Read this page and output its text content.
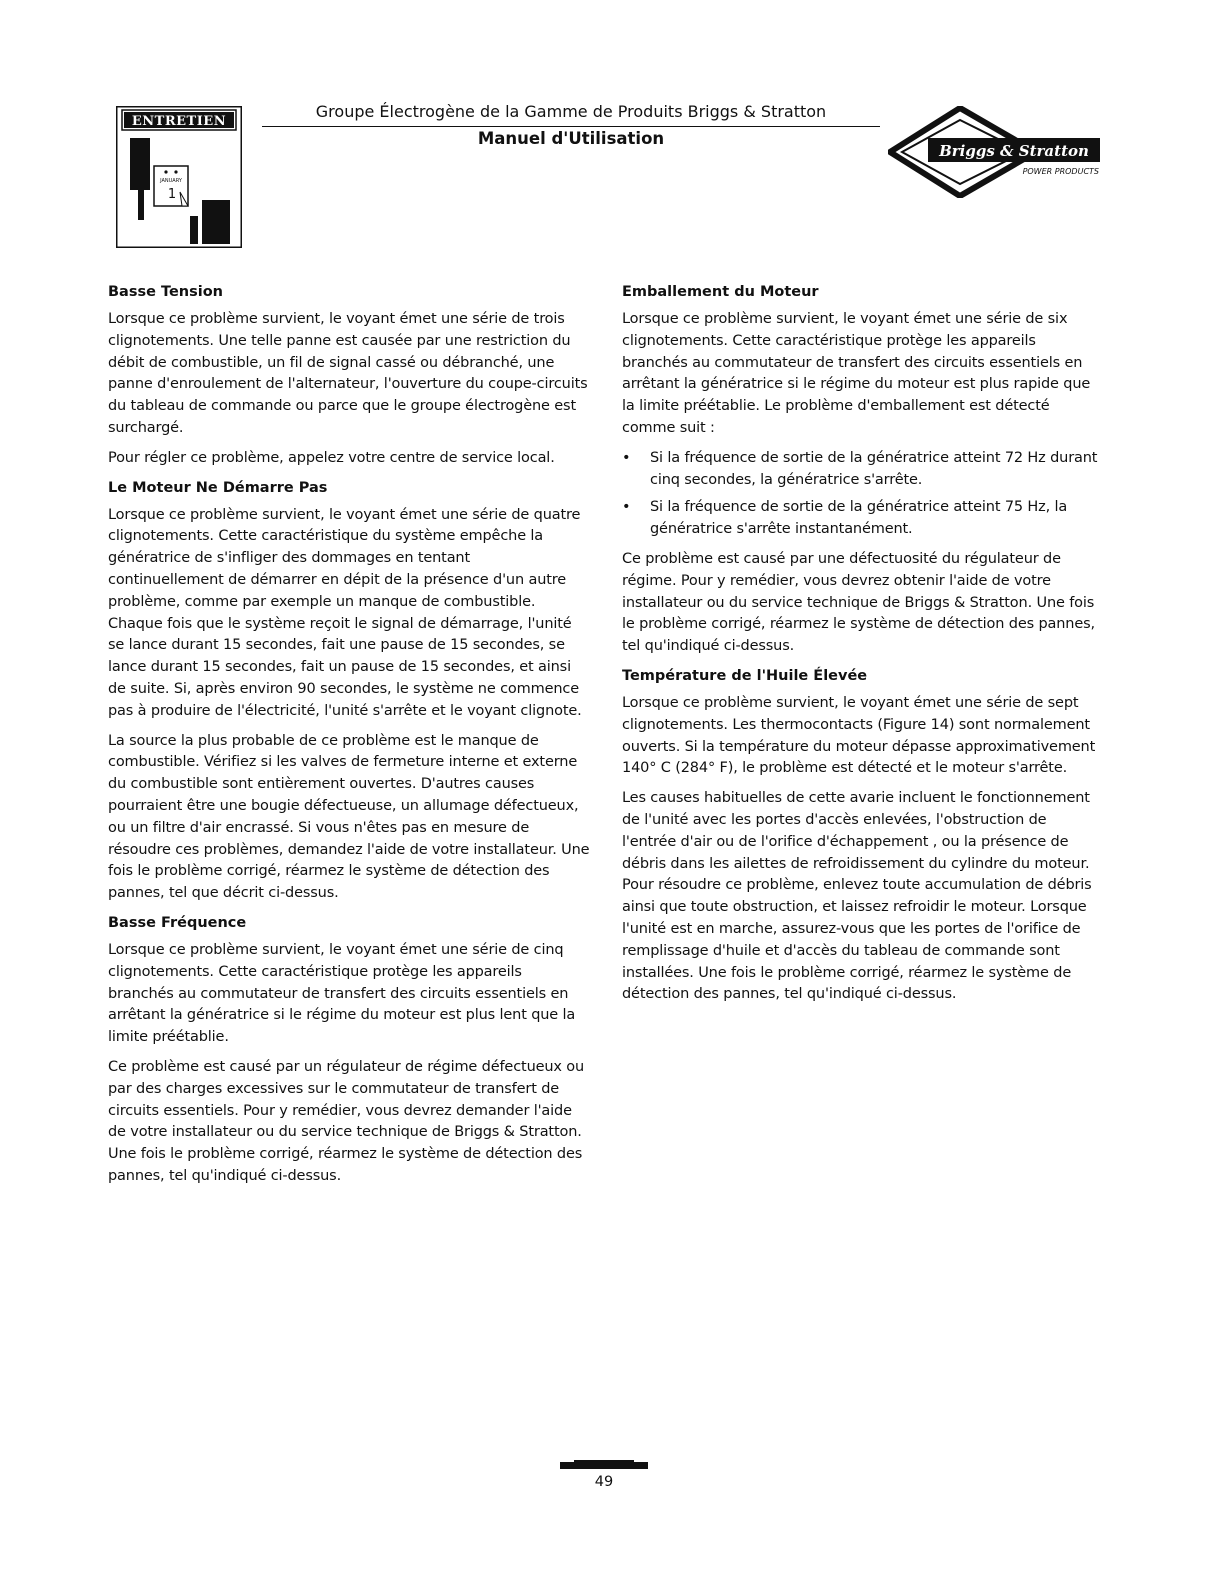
ENTRETIEN
JANUARY
1
Groupe Électrogène de la Gamme de Produits Briggs & Stratton
Manuel d'Utilisation
Briggs & Stratton
POWER PRODUCTS
Basse Tension

Lorsque ce problème survient, le voyant émet une série de trois clignotements. Une telle panne est causée par une restriction du débit de combustible, un fil de signal cassé ou débranché, une panne d'enroulement de l'alternateur, l'ouverture du coupe-circuits du tableau de commande ou parce que le groupe électrogène est surchargé.

Pour régler ce problème, appelez votre centre de service local.

Le Moteur Ne Démarre Pas

Lorsque ce problème survient, le voyant émet une série de quatre clignotements. Cette caractéristique du système empêche la génératrice de s'infliger des dommages en tentant continuellement de démarrer en dépit de la présence d'un autre problème, comme par exemple un manque de combustible. Chaque fois que le système reçoit le signal de démarrage, l'unité se lance durant 15 secondes, fait une pause de 15 secondes, se lance durant 15 secondes, fait un pause de 15 secondes, et ainsi de suite. Si, après environ 90 secondes, le système ne commence pas à produire de l'électricité, l'unité s'arrête et le voyant clignote.

La source la plus probable de ce problème est le manque de combustible. Vérifiez si les valves de fermeture interne et externe du combustible sont entièrement ouvertes. D'autres causes pourraient être une bougie défectueuse, un allumage défectueux, ou un filtre d'air encrassé. Si vous n'êtes pas en mesure de résoudre ces problèmes, demandez l'aide de votre installateur. Une fois le problème corrigé, réarmez le système de détection des pannes, tel que décrit ci-dessus.

Basse Fréquence

Lorsque ce problème survient, le voyant émet une série de cinq clignotements. Cette caractéristique protège les appareils branchés au commutateur de transfert des circuits essentiels en arrêtant la génératrice si le régime du moteur est plus lent que la limite préétablie.

Ce problème est causé par un régulateur de régime défectueux ou par des charges excessives sur le commutateur de transfert de circuits essentiels. Pour y remédier, vous devrez demander l'aide de votre installateur ou du service technique de Briggs & Stratton. Une fois le problème corrigé, réarmez le système de détection des pannes, tel qu'indiqué ci-dessus.

Emballement du Moteur

Lorsque ce problème survient, le voyant émet une série de six clignotements. Cette caractéristique protège les appareils branchés au commutateur de transfert des circuits essentiels en arrêtant la génératrice si le régime du moteur est plus rapide que la limite préétablie. Le problème d'emballement est détecté comme suit :

•	Si la fréquence de sortie de la génératrice atteint 72 Hz durant cinq secondes, la génératrice s'arrête.
•	Si la fréquence de sortie de la génératrice atteint 75 Hz, la génératrice s'arrête instantanément.

Ce problème est causé par une défectuosité du régulateur de régime. Pour y remédier, vous devrez obtenir l'aide de votre installateur ou du service technique de Briggs & Stratton. Une fois le problème corrigé, réarmez le système de détection des pannes, tel qu'indiqué ci-dessus.

Température de l'Huile Élevée

Lorsque ce problème survient, le voyant émet une série de sept clignotements. Les thermocontacts (Figure 14) sont normalement ouverts. Si la température du moteur dépasse approximativement 140° C (284° F), le problème est détecté et le moteur s'arrête.

Les causes habituelles de cette avarie incluent le fonctionnement de l'unité avec les portes d'accès enlevées, l'obstruction de l'entrée d'air ou de l'orifice d'échappement , ou la présence de débris dans les ailettes de refroidissement du cylindre du moteur. Pour résoudre ce problème, enlevez toute accumulation de débris ainsi que toute obstruction, et laissez refroidir le moteur. Lorsque l'unité est en marche, assurez-vous que les portes de l'orifice de remplissage d'huile et d'accès du tableau de commande sont installées. Une fois le problème corrigé, réarmez le système de détection des pannes, tel qu'indiqué ci-dessus.

49
